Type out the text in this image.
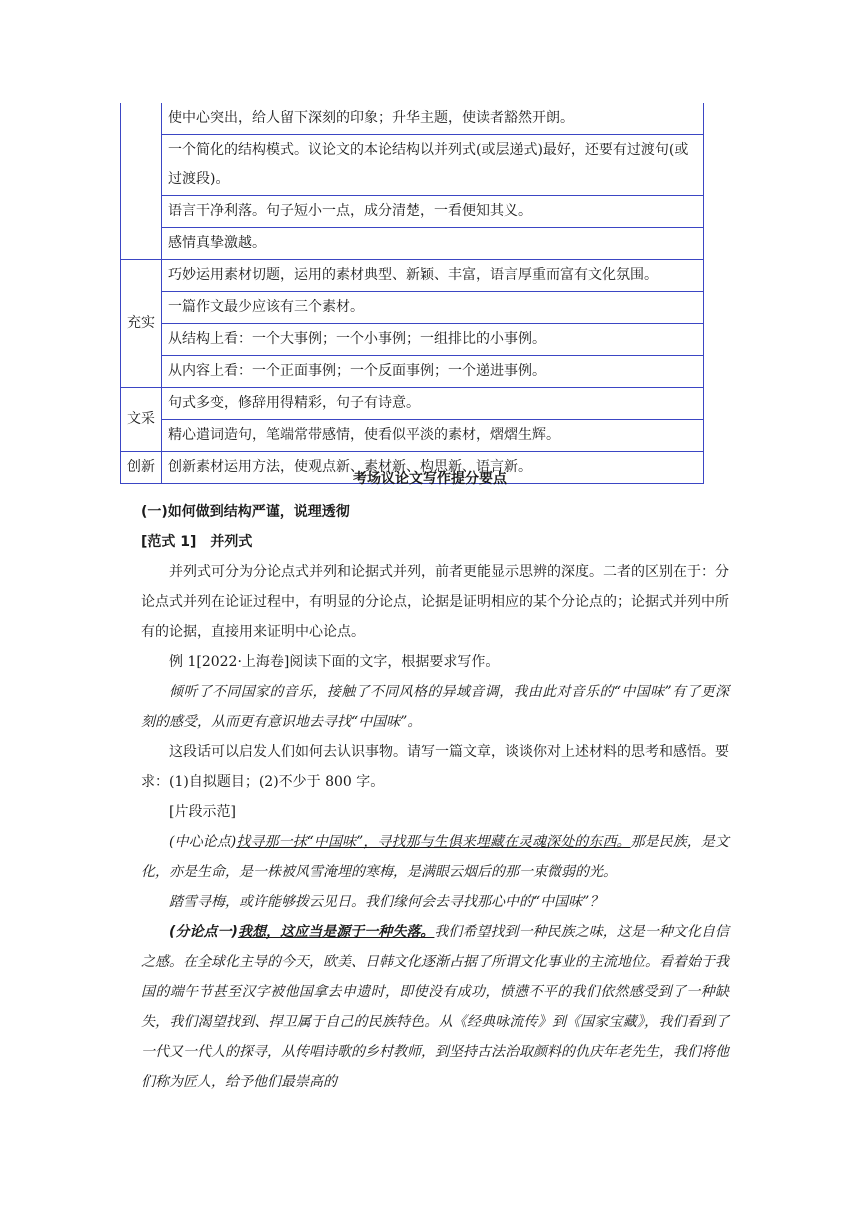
	使中心突出，给人留下深刻的印象；升华主题，使读者豁然开朗。
	一个简化的结构模式。议论文的本论结构以并列式(或层递式)最好，还要有过渡句(或过渡段)。
	语言干净利落。句子短小一点，成分清楚，一看便知其义。
	感情真挚激越。
充实	巧妙运用素材切题，运用的素材典型、新颖、丰富，语言厚重而富有文化氛围。
	一篇作文最少应该有三个素材。
	从结构上看：一个大事例；一个小事例；一组排比的小事例。
	从内容上看：一个正面事例；一个反面事例；一个递进事例。
文采	句式多变，修辞用得精彩，句子有诗意。
	精心遣词造句，笔端常带感情，使看似平淡的素材，熠熠生辉。
创新	创新素材运用方法，使观点新、素材新、构思新、语言新。
考场议论文写作提分要点
(一)如何做到结构严谨，说理透彻
[范式 1]　并列式

并列式可分为分论点式并列和论据式并列，前者更能显示思辨的深度。二者的区别在于：分论点式并列在论证过程中，有明显的分论点，论据是证明相应的某个分论点的；论据式并列中所有的论据，直接用来证明中心论点。

例 1[2022·上海卷]阅读下面的文字，根据要求写作。

倾听了不同国家的音乐，接触了不同风格的异域音调，我由此对音乐的“中国味”有了更深刻的感受，从而更有意识地去寻找“中国味”。

这段话可以启发人们如何去认识事物。请写一篇文章，谈谈你对上述材料的思考和感悟。要求：(1)自拟题目；(2)不少于 800 字。

[片段示范]

(中心论点)找寻那一抹“中国味”，寻找那与生俱来埋藏在灵魂深处的东西。那是民族，是文化，亦是生命，是一株被风雪淹埋的寒梅，是满眼云烟后的那一束微弱的光。

踏雪寻梅，或许能够拨云见日。我们缘何会去寻找那心中的“中国味”？

(分论点一)我想，这应当是源于一种失落。我们希望找到一种民族之味，这是一种文化自信之感。在全球化主导的今天，欧美、日韩文化逐渐占据了所谓文化事业的主流地位。看着始于我国的端午节甚至汉字被他国拿去申遗时，即使没有成功，愤懑不平的我们依然感受到了一种缺失，我们渴望找到、捍卫属于自己的民族特色。从《经典咏流传》到《国家宝藏》，我们看到了一代又一代人的探寻，从传唱诗歌的乡村教师，到坚持古法治取颜料的仇庆年老先生，我们将他们称为匠人，给予他们最崇高的
